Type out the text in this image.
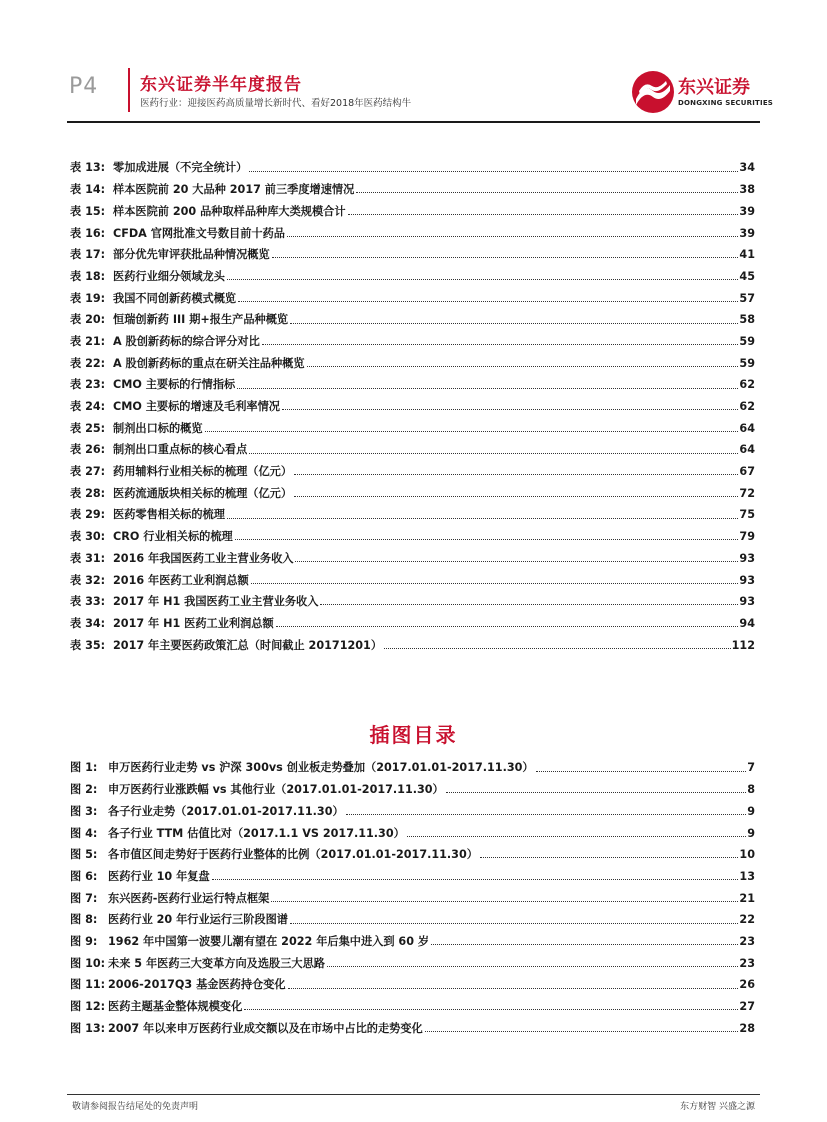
P4 东兴证券半年度报告
医药行业：迎接医药高质量增长新时代、看好2018年医药结构牛
东兴证券
DONGXING SECURITIES
表 13: 零加成进展（不完全统计）	34
表 14: 样本医院前 20 大品种 2017 前三季度增速情况	38
表 15: 样本医院前 200 品种取样品种库大类规模合计	39
表 16: CFDA 官网批准文号数目前十药品	39
表 17: 部分优先审评获批品种情况概览	41
表 18: 医药行业细分领域龙头	45
表 19: 我国不同创新药模式概览	57
表 20: 恒瑞创新药 III 期+报生产品种概览	58
表 21: A 股创新药标的综合评分对比	59
表 22: A 股创新药标的重点在研关注品种概览	59
表 23: CMO 主要标的行情指标	62
表 24: CMO 主要标的增速及毛利率情况	62
表 25: 制剂出口标的概览	64
表 26: 制剂出口重点标的核心看点	64
表 27: 药用辅料行业相关标的梳理（亿元）	67
表 28: 医药流通版块相关标的梳理（亿元）	72
表 29: 医药零售相关标的梳理	75
表 30: CRO 行业相关标的梳理	79
表 31: 2016 年我国医药工业主营业务收入	93
表 32: 2016 年医药工业利润总额	93
表 33: 2017 年 H1 我国医药工业主营业务收入	93
表 34: 2017 年 H1 医药工业利润总额	94
表 35: 2017 年主要医药政策汇总（时间截止 20171201）	112
插图目录
图 1: 申万医药行业走势 vs 沪深 300vs 创业板走势叠加（2017.01.01-2017.11.30）	7
图 2: 申万医药行业涨跌幅 vs 其他行业（2017.01.01-2017.11.30）	8
图 3: 各子行业走势（2017.01.01-2017.11.30）	9
图 4: 各子行业 TTM 估值比对（2017.1.1 VS 2017.11.30）	9
图 5: 各市值区间走势好于医药行业整体的比例（2017.01.01-2017.11.30）	10
图 6: 医药行业 10 年复盘	13
图 7: 东兴医药-医药行业运行特点框架	21
图 8: 医药行业 20 年行业运行三阶段图谱	22
图 9: 1962 年中国第一波婴儿潮有望在 2022 年后集中进入到 60 岁	23
图 10: 未来 5 年医药三大变革方向及选股三大思路	23
图 11: 2006-2017Q3 基金医药持仓变化	26
图 12: 医药主题基金整体规模变化	27
图 13: 2007 年以来申万医药行业成交额以及在市场中占比的走势变化	28
敬请参阅报告结尾处的免责声明	东方财智 兴盛之源
